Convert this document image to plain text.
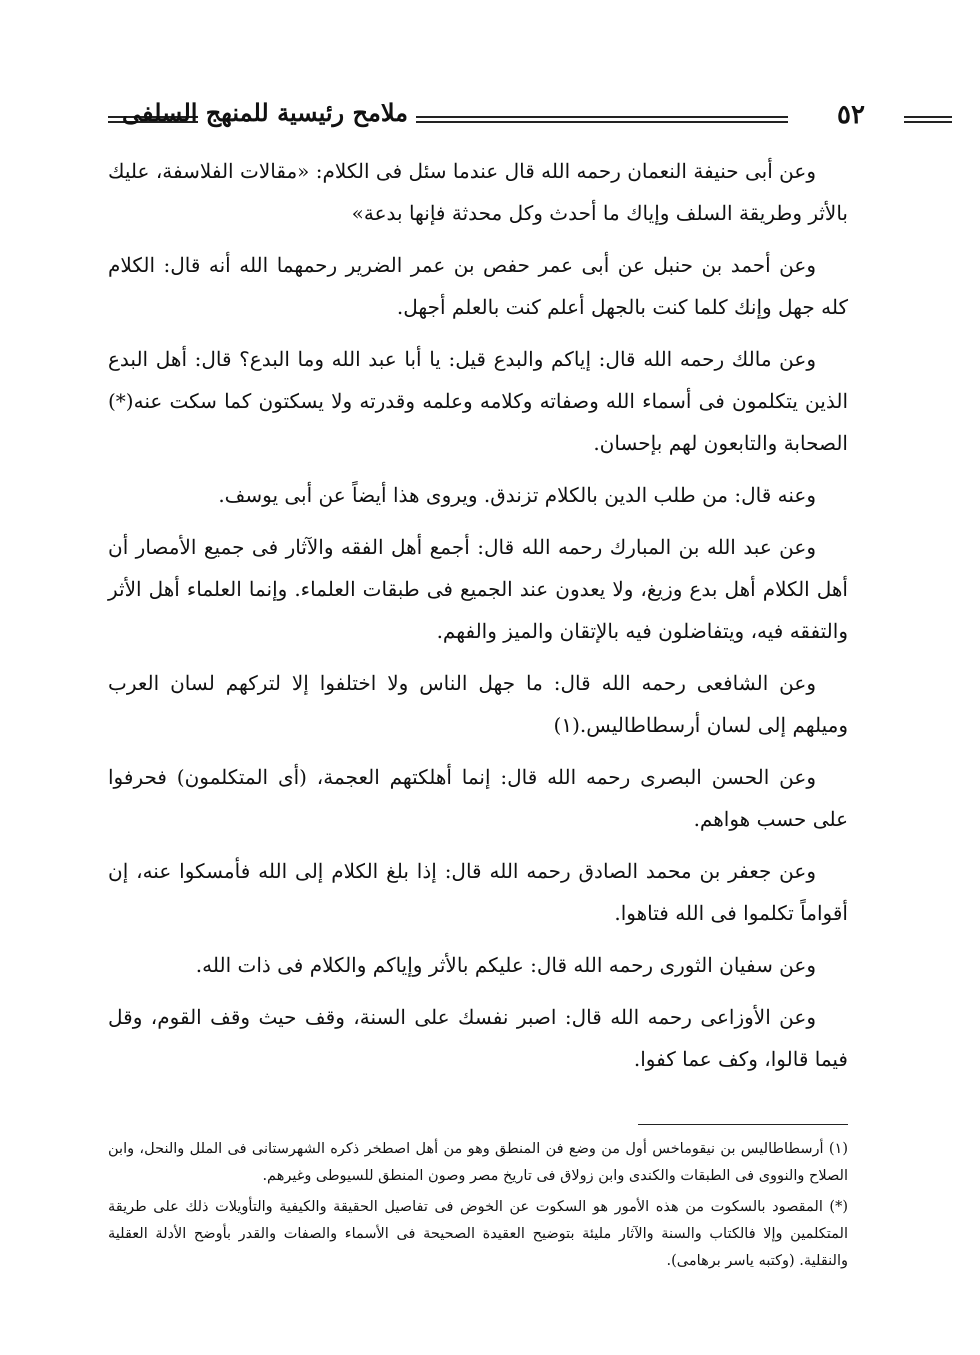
ملامح رئيسية للمنهج السلفى	٥٢

وعن أبى حنيفة النعمان رحمه الله قال عندما سئل فى الكلام: «مقالات الفلاسفة، عليك بالأثر وطريقة السلف وإياك ما أحدث وكل محدثة فإنها بدعة»

وعن أحمد بن حنبل عن أبى عمر حفص بن عمر الضرير رحمهما الله أنه قال: الكلام كله جهل وإنك كلما كنت بالجهل أعلم كنت بالعلم أجهل.

وعن مالك رحمه الله قال: إياكم والبدع قيل: يا أبا عبد الله وما البدع؟ قال: أهل البدع الذين يتكلمون فى أسماء الله وصفاته وكلامه وعلمه وقدرته ولا يسكتون كما سكت عنه(*) الصحابة والتابعون لهم بإحسان.

وعنه قال: من طلب الدين بالكلام تزندق. ويروى هذا أيضاً عن أبى يوسف.

وعن عبد الله بن المبارك رحمه الله قال: أجمع أهل الفقه والآثار فى جميع الأمصار أن أهل الكلام أهل بدع وزيغ، ولا يعدون عند الجميع فى طبقات العلماء. وإنما العلماء أهل الأثر والتفقه فيه، ويتفاضلون فيه بالإتقان والميز والفهم.

وعن الشافعى رحمه الله قال: ما جهل الناس ولا اختلفوا إلا لتركهم لسان العرب وميلهم إلى لسان أرسطاطاليس.(١)

وعن الحسن البصرى رحمه الله قال: إنما أهلكتهم العجمة، (أى المتكلمون) فحرفوا على حسب هواهم.

وعن جعفر بن محمد الصادق رحمه الله قال: إذا بلغ الكلام إلى الله فأمسكوا عنه، إن أقواماً تكلموا فى الله فتاهوا.

وعن سفيان الثورى رحمه الله قال: عليكم بالأثر وإياكم والكلام فى ذات الله.

وعن الأوزاعى رحمه الله قال: اصبر نفسك على السنة، وقف حيث وقف القوم، وقل فيما قالوا، وكف عما كفوا.

(١) أرسطاطاليس بن نيقوماخس أول من وضع فن المنطق وهو من أهل اصطخر ذكره الشهرستانى فى الملل والنحل، وابن الصلاح والنووى فى الطبقات والكندى وابن زولاق فى تاريخ مصر وصون المنطق للسيوطى وغيرهم.

(*) المقصود بالسكوت من هذه الأمور هو السكوت عن الخوض فى تفاصيل الحقيقة والكيفية والتأويلات ذلك على طريقة المتكلمين وإلا فالكتاب والسنة والآثار مليئة بتوضيح العقيدة الصحيحة فى الأسماء والصفات والقدر بأوضح الأدلة العقلية والنقلية. (وكتبه ياسر برهامى).
